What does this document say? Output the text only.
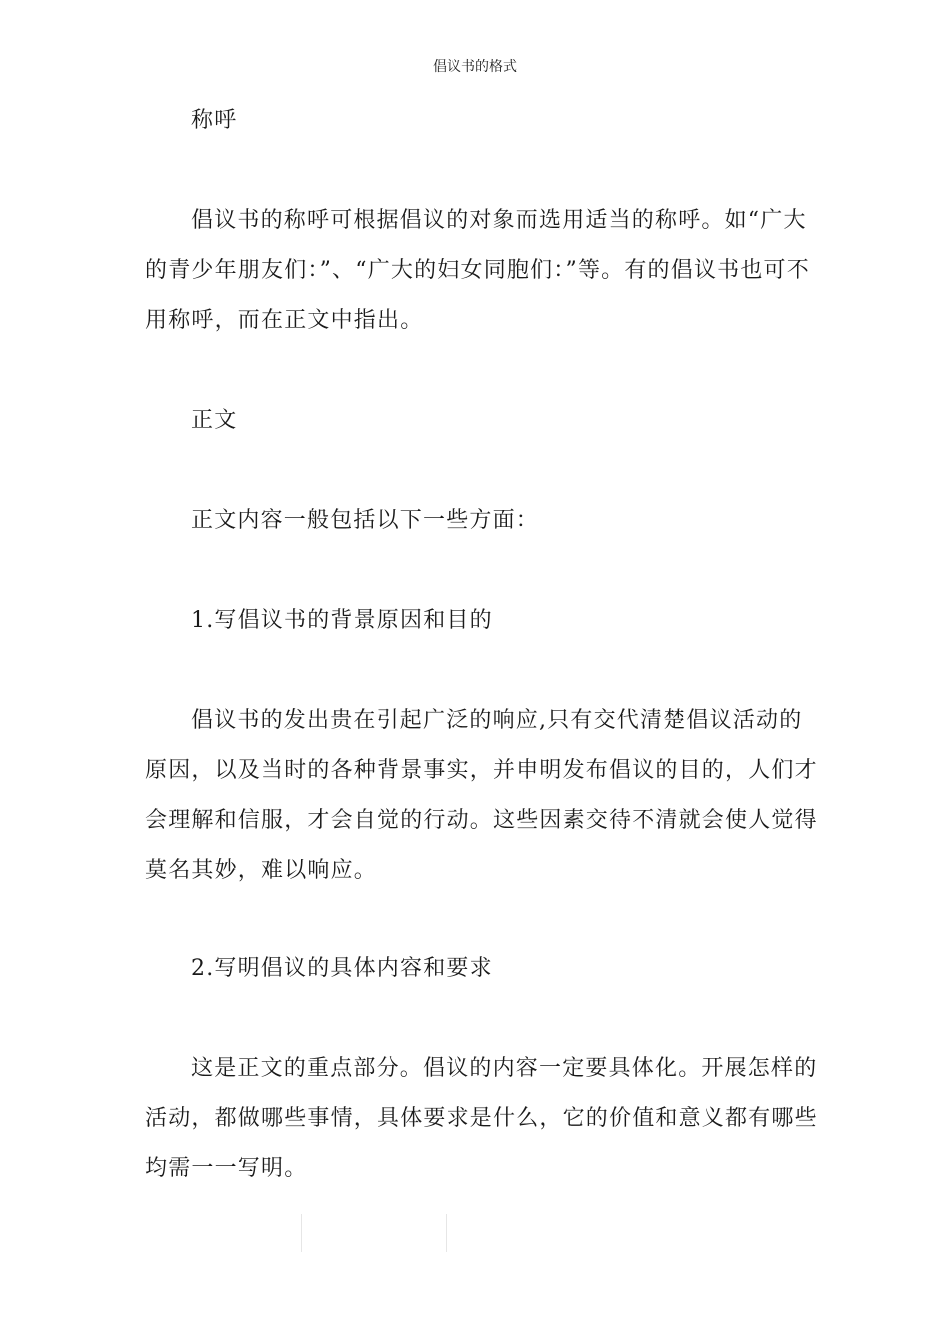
倡议书的格式

称呼

倡议书的称呼可根据倡议的对象而选用适当的称呼。如“广大的青少年朋友们：”、“广大的妇女同胞们：”等。有的倡议书也可不用称呼，而在正文中指出。

正文

正文内容一般包括以下一些方面：

1.写倡议书的背景原因和目的

倡议书的发出贵在引起广泛的响应,只有交代清楚倡议活动的原因，以及当时的各种背景事实，并申明发布倡议的目的，人们才会理解和信服，才会自觉的行动。这些因素交待不清就会使人觉得莫名其妙，难以响应。

2.写明倡议的具体内容和要求

这是正文的重点部分。倡议的内容一定要具体化。开展怎样的活动，都做哪些事情，具体要求是什么，它的价值和意义都有哪些均需一一写明。
